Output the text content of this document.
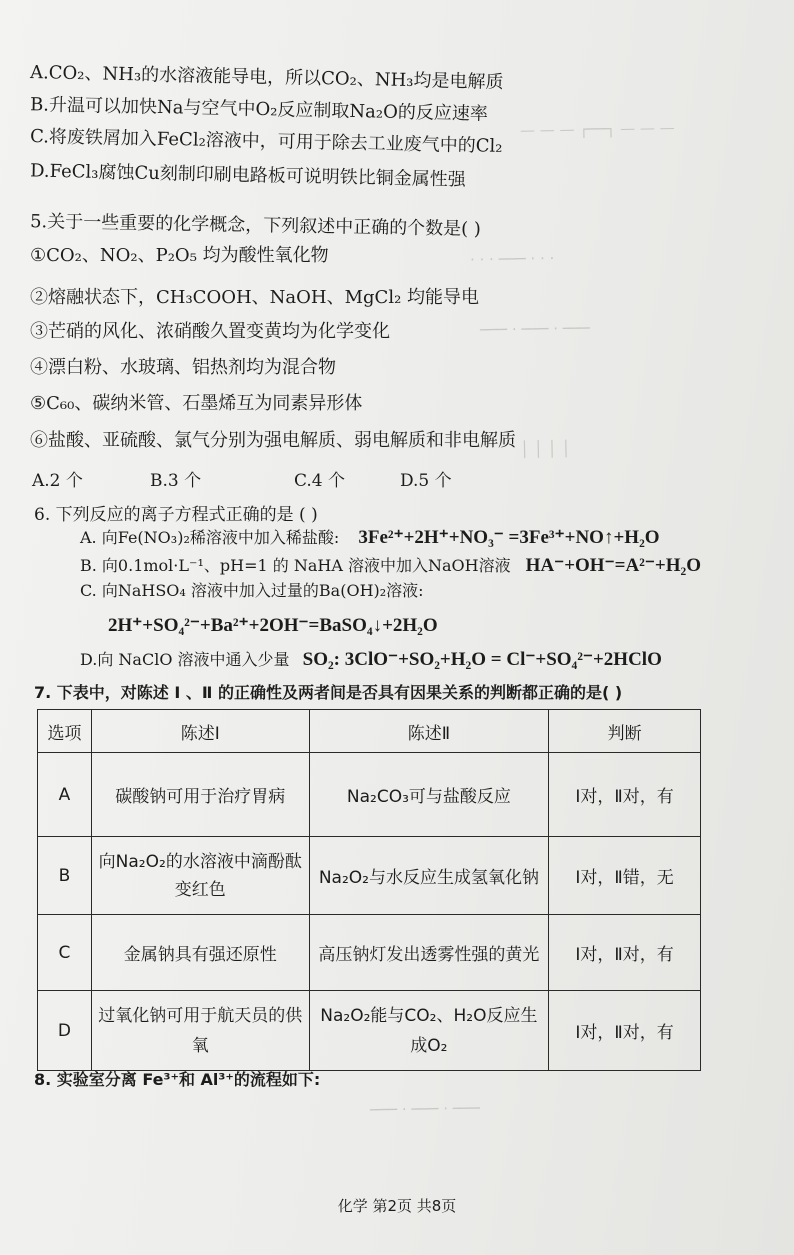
— — — ┌──┐ — — —
· · · ─── · · ·
─── · ─── · ───
│ │ │ │
─── · ─── · ───
A.CO₂、NH₃的水溶液能导电，所以CO₂、NH₃均是电解质
B.升温可以加快Na与空气中O₂反应制取Na₂O的反应速率
C.将废铁屑加入FeCl₂溶液中，可用于除去工业废气中的Cl₂
D.FeCl₃腐蚀Cu刻制印刷电路板可说明铁比铜金属性强
5.关于一些重要的化学概念，下列叙述中正确的个数是( )
①CO₂、NO₂、P₂O₅ 均为酸性氧化物
②熔融状态下，CH₃COOH、NaOH、MgCl₂ 均能导电
③芒硝的风化、浓硝酸久置变黄均为化学变化
④漂白粉、水玻璃、铝热剂均为混合物
⑤C₆₀、碳纳米管、石墨烯互为同素异形体
⑥盐酸、亚硫酸、氯气分别为强电解质、弱电解质和非电解质
A.2 个	B.3 个	C.4 个	D.5 个
6. 下列反应的离子方程式正确的是 ( )
A. 向Fe(NO₃)₂稀溶液中加入稀盐酸: 3Fe²⁺+2H⁺+NO₃⁻ =3Fe³⁺+NO↑+H₂O
B. 向0.1mol·L⁻¹、pH=1 的 NaHA 溶液中加入NaOH溶液 HA⁻+OH⁻=A²⁻+H₂O
C. 向NaHSO₄ 溶液中加入过量的Ba(OH)₂溶液:
2H⁺+SO₄²⁻+Ba²⁺+2OH⁻=BaSO₄↓+2H₂O
D.向 NaClO 溶液中通入少量 SO₂: 3ClO⁻+SO₂+H₂O = Cl⁻+SO₄²⁻+2HClO
7. 下表中，对陈述 Ⅰ 、Ⅱ 的正确性及两者间是否具有因果关系的判断都正确的是( )
选项	陈述Ⅰ	陈述Ⅱ	判断
A	碳酸钠可用于治疗胃病	Na₂CO₃可与盐酸反应	Ⅰ对，Ⅱ对，有
B	向Na₂O₂的水溶液中滴酚酞变红色	Na₂O₂与水反应生成氢氧化钠	Ⅰ对，Ⅱ错，无
C	金属钠具有强还原性	高压钠灯发出透雾性强的黄光	Ⅰ对，Ⅱ对，有
D	过氧化钠可用于航天员的供氧	Na₂O₂能与CO₂、H₂O反应生成O₂	Ⅰ对，Ⅱ对，有
8. 实验室分离 Fe³⁺和 Al³⁺的流程如下:
化学 第2页 共8页
